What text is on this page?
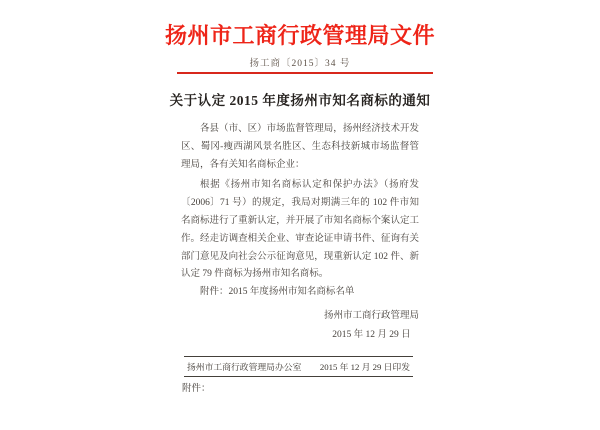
扬州市工商行政管理局文件
扬工商〔2015〕34 号
关于认定 2015 年度扬州市知名商标的通知

各县（市、区）市场监督管理局，扬州经济技术开发区、蜀冈-瘦西湖风景名胜区、生态科技新城市场监督管理局，各有关知名商标企业：

根据《扬州市知名商标认定和保护办法》（扬府发〔2006〕71 号）的规定，我局对期满三年的 102 件市知名商标进行了重新认定，并开展了市知名商标个案认定工作。经走访调查相关企业、审查论证申请书件、征询有关部门意见及向社会公示征询意见，现重新认定 102 件、新认定 79 件商标为扬州市知名商标。

附件：2015 年度扬州市知名商标名单

扬州市工商行政管理局
2015 年 12 月 29 日
扬州市工商行政管理局办公室 2015 年 12 月 29 日印发
附件：
